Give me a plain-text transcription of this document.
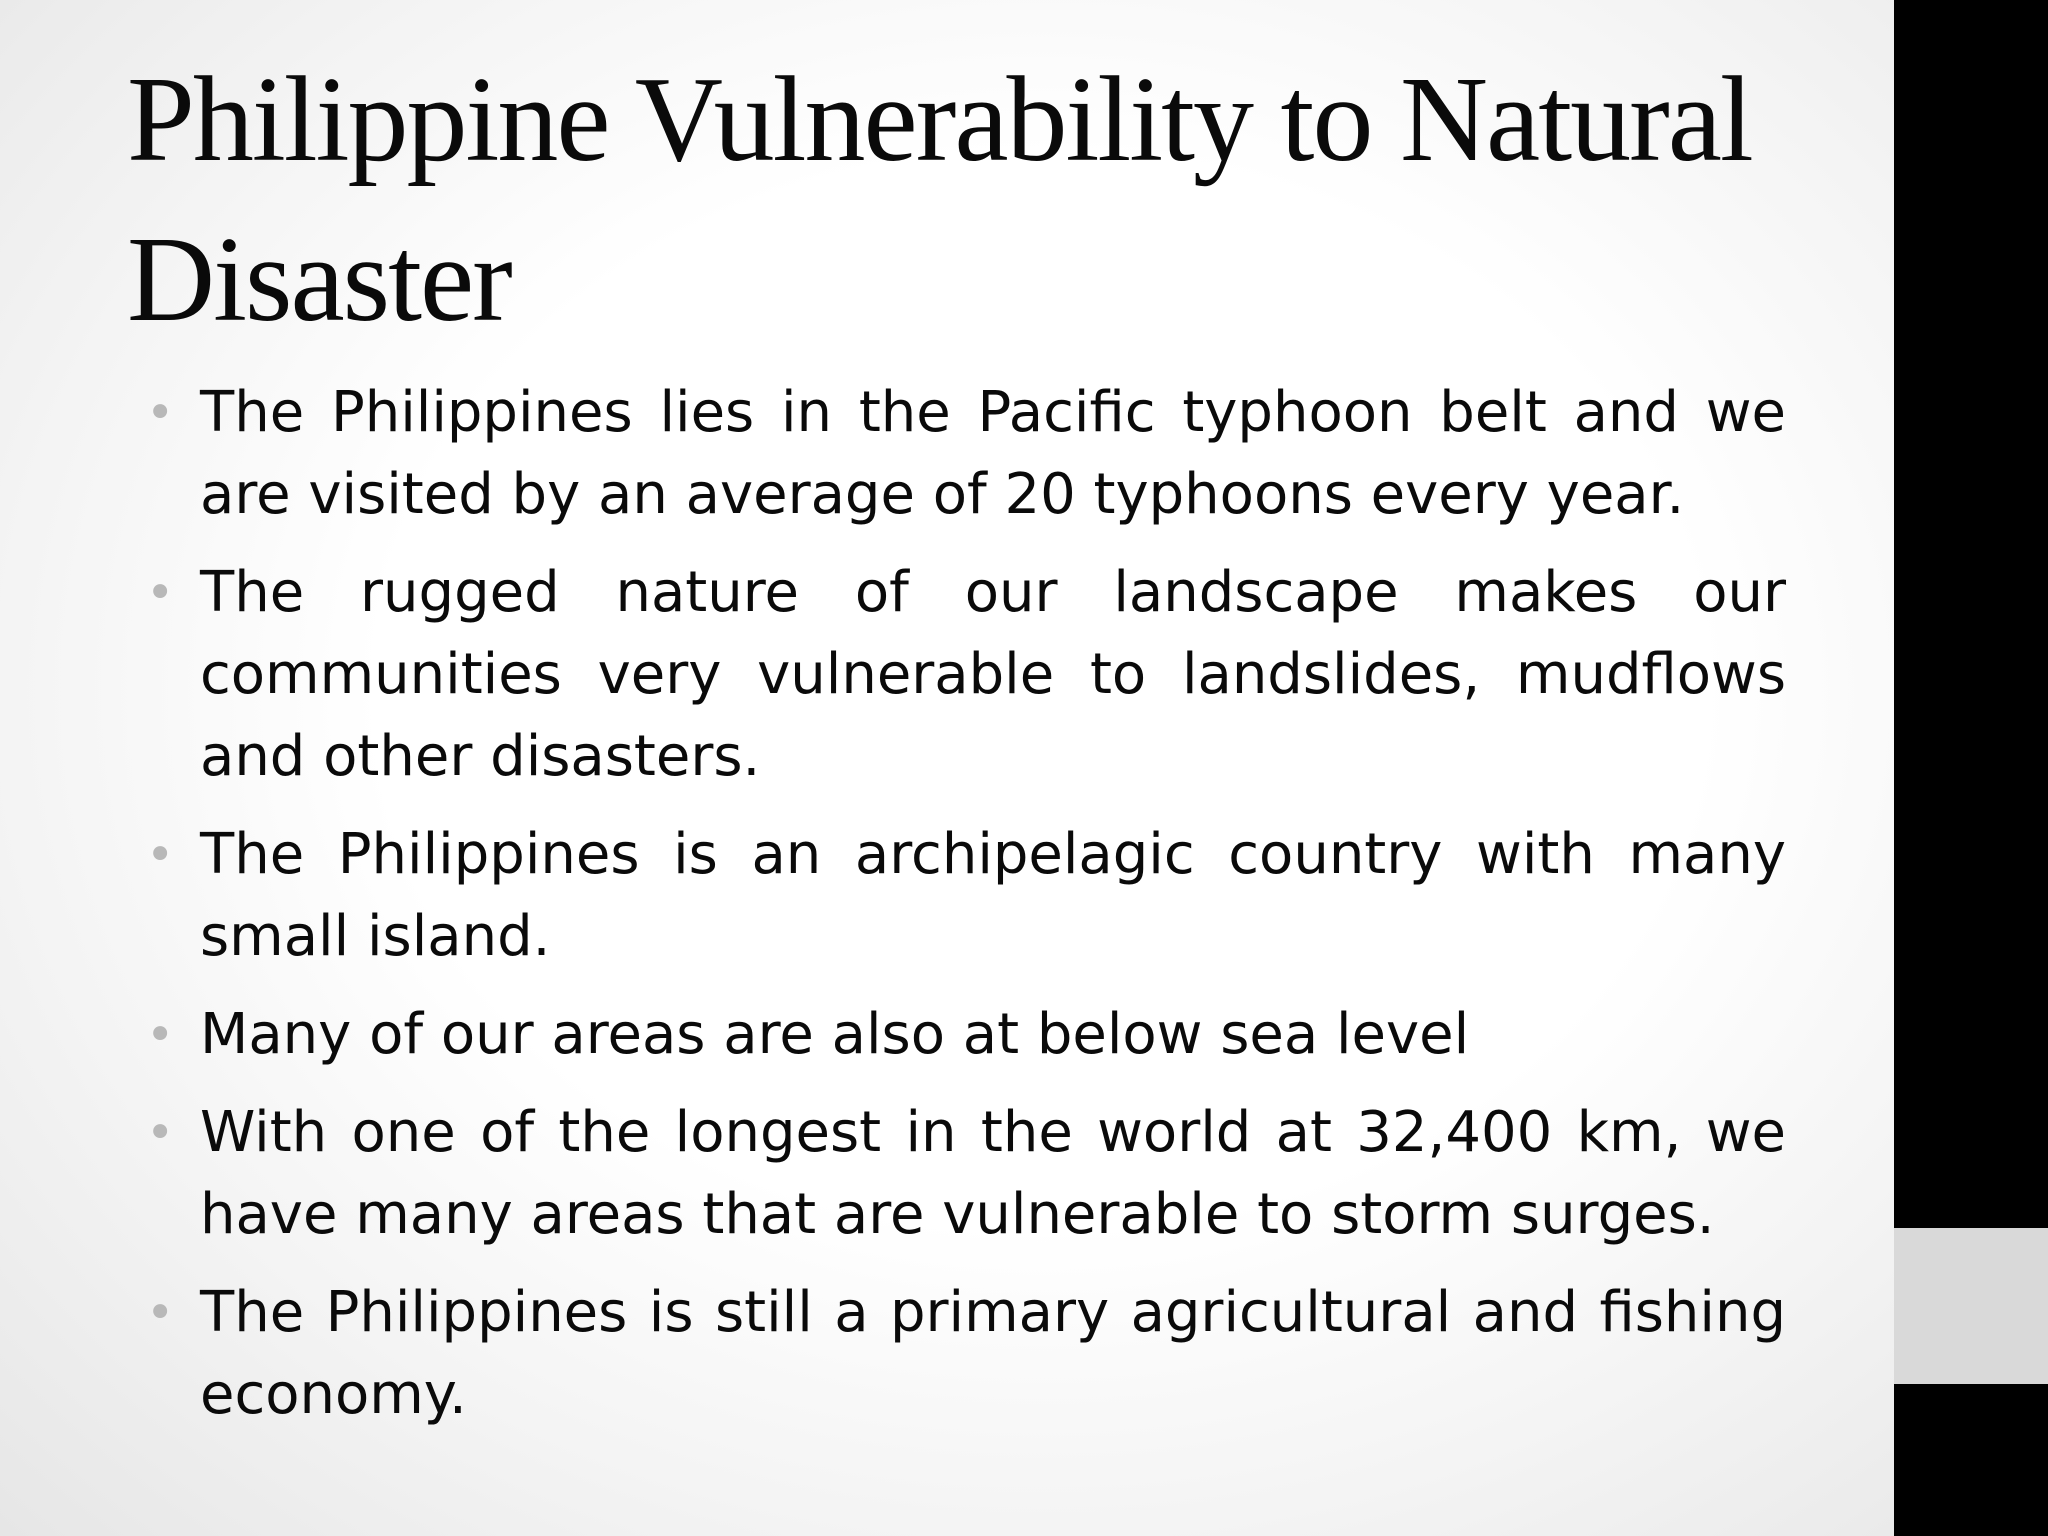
Philippine Vulnerability to Natural Disaster
• The Philippines lies in the Pacific typhoon belt and we are visited by an average of 20 typhoons every year.
• The rugged nature of our landscape makes our communities very vulnerable to landslides, mudflows and other disasters.
• The Philippines is an archipelagic country with many small island.
• Many of our areas are also at below sea level
• With one of the longest in the world at 32,400 km, we have many areas that are vulnerable to storm surges.
• The Philippines is still a primary agricultural and fishing economy.
